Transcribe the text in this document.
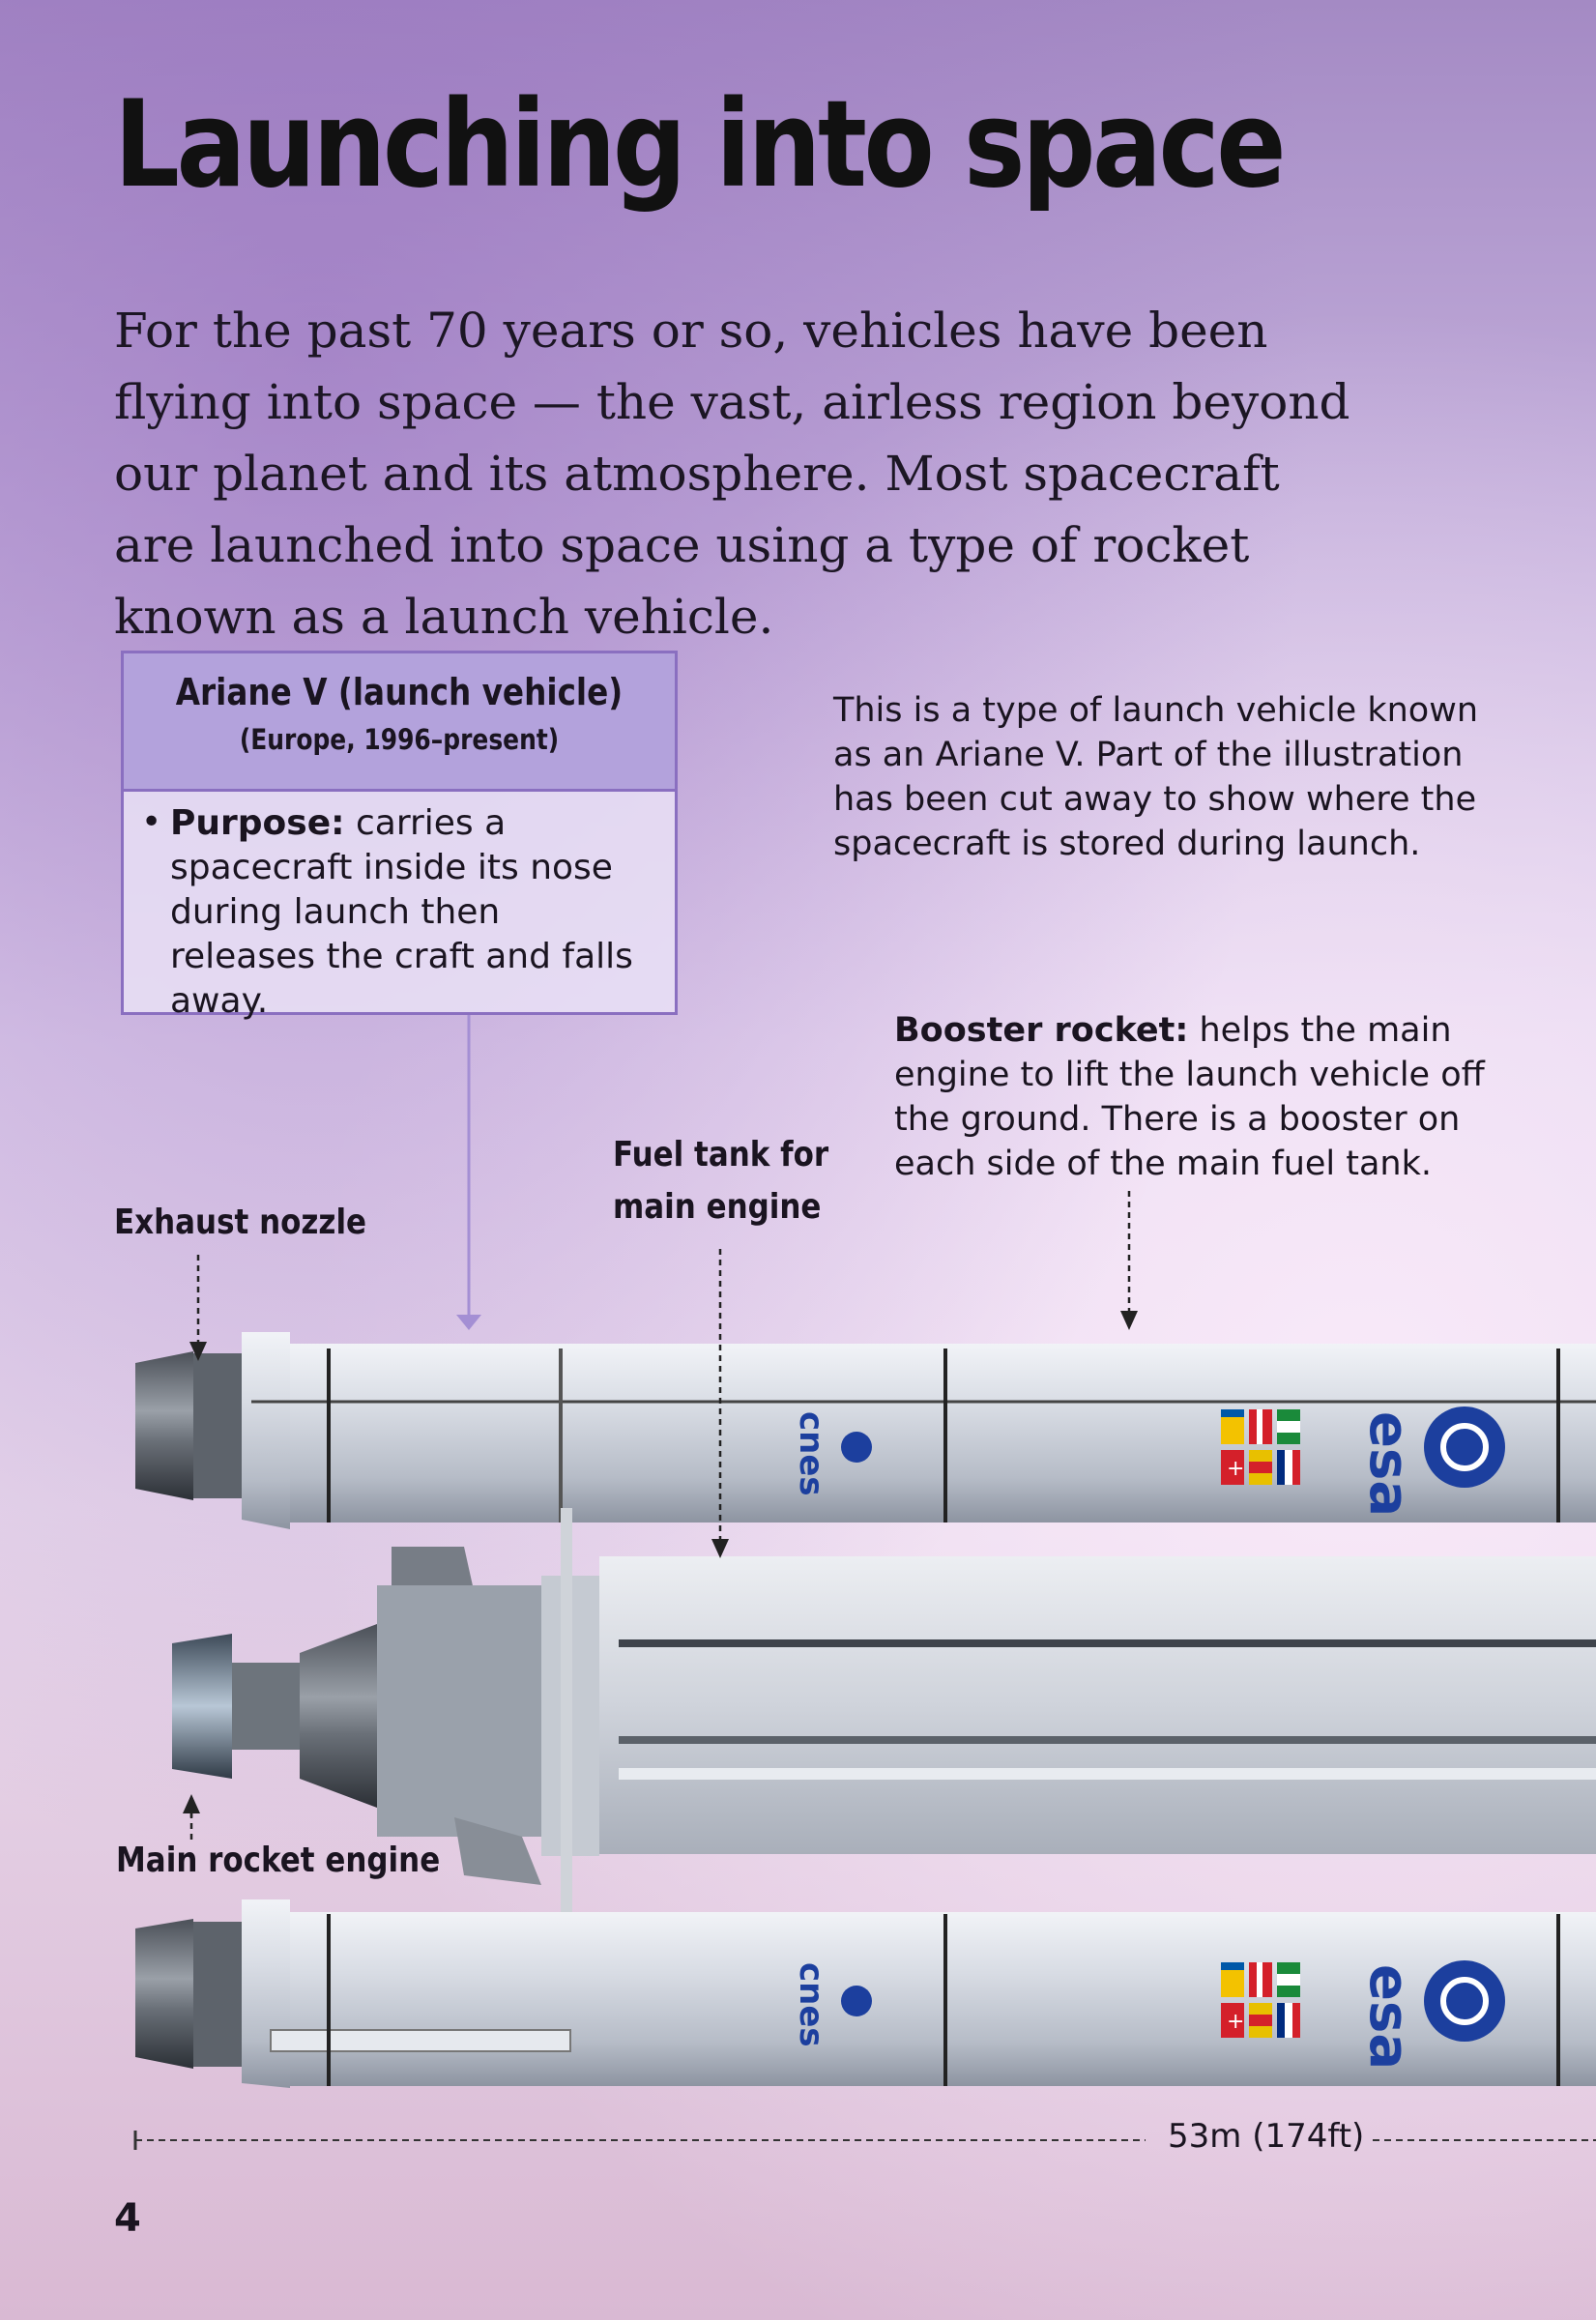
Launching into space

For the past 70 years or so, vehicles have been flying into space — the vast, airless region beyond our planet and its atmosphere. Most spacecraft are launched into space using a type of rocket known as a launch vehicle.

Ariane V (launch vehicle)
(Europe, 1996–present)
• Purpose: carries a spacecraft inside its nose during launch then releases the craft and falls away.

This is a type of launch vehicle known as an Ariane V. Part of the illustration has been cut away to show where the spacecraft is stored during launch.
Booster rocket: helps the main engine to lift the launch vehicle off the ground. There is a booster on each side of the main fuel tank.
Fuel tank for
main engine
Exhaust nozzle
Main rocket engine
cnes	+ esa
cnes	+ esa
53m (174ft)
4
